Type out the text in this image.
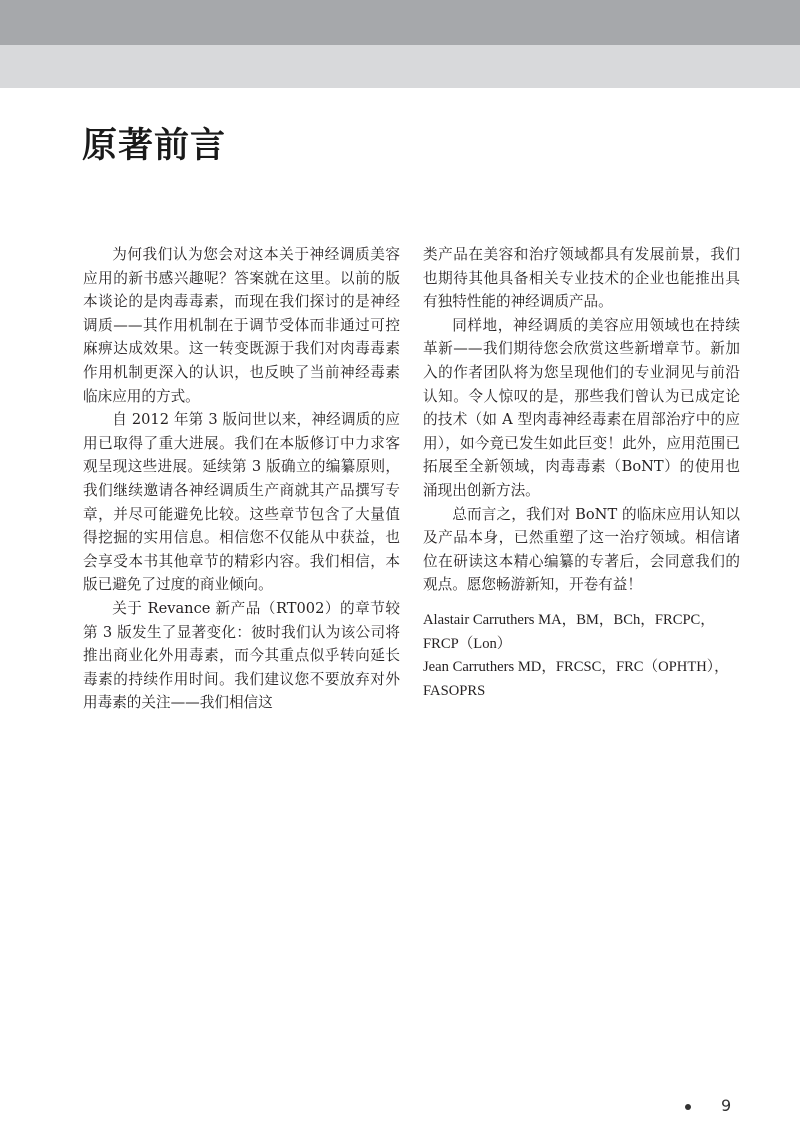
原著前言

为何我们认为您会对这本关于神经调质美容应用的新书感兴趣呢？答案就在这里。以前的版本谈论的是肉毒毒素，而现在我们探讨的是神经调质——其作用机制在于调节受体而非通过可控麻痹达成效果。这一转变既源于我们对肉毒毒素作用机制更深入的认识，也反映了当前神经毒素临床应用的方式。

自 2012 年第 3 版问世以来，神经调质的应用已取得了重大进展。我们在本版修订中力求客观呈现这些进展。延续第 3 版确立的编纂原则，我们继续邀请各神经调质生产商就其产品撰写专章，并尽可能避免比较。这些章节包含了大量值得挖掘的实用信息。相信您不仅能从中获益，也会享受本书其他章节的精彩内容。我们相信，本版已避免了过度的商业倾向。

关于 Revance 新产品（RT002）的章节较第 3 版发生了显著变化：彼时我们认为该公司将推出商业化外用毒素，而今其重点似乎转向延长毒素的持续作用时间。我们建议您不要放弃对外用毒素的关注——我们相信这

类产品在美容和治疗领域都具有发展前景，我们也期待其他具备相关专业技术的企业也能推出具有独特性能的神经调质产品。

同样地，神经调质的美容应用领域也在持续革新——我们期待您会欣赏这些新增章节。新加入的作者团队将为您呈现他们的专业洞见与前沿认知。令人惊叹的是，那些我们曾认为已成定论的技术（如 A 型肉毒神经毒素在眉部治疗中的应用），如今竟已发生如此巨变！此外，应用范围已拓展至全新领域，肉毒毒素（BoNT）的使用也涌现出创新方法。

总而言之，我们对 BoNT 的临床应用认知以及产品本身，已然重塑了这一治疗领域。相信诸位在研读这本精心编纂的专著后，会同意我们的观点。愿您畅游新知，开卷有益！

Alastair Carruthers MA，BM，BCh，FRCPC，FRCP（Lon）

Jean Carruthers MD，FRCSC，FRC（OPHTH），FASOPRS

9
